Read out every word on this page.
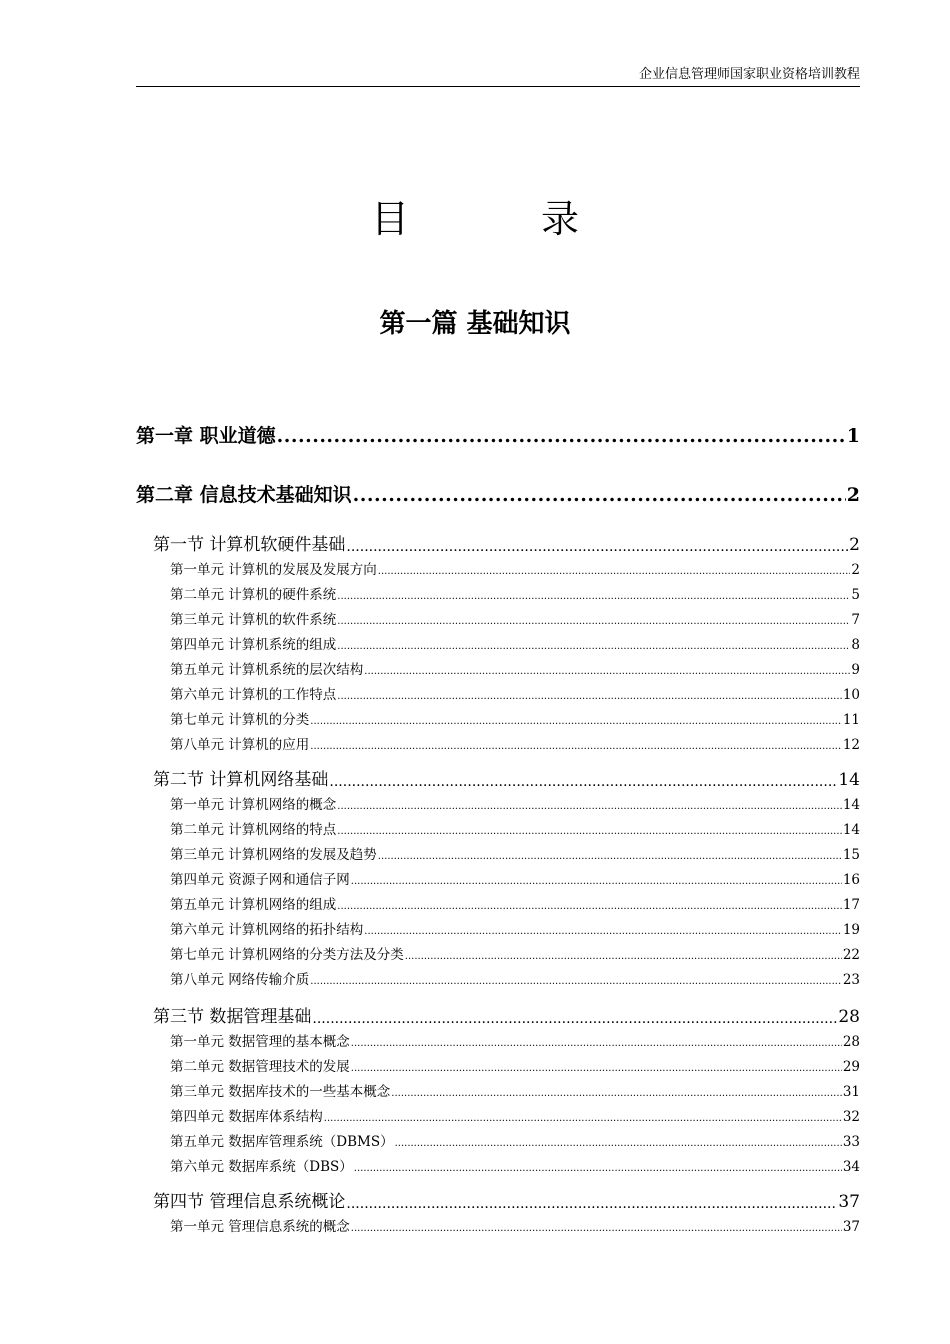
企业信息管理师国家职业资格培训教程
目 录
第一篇 基础知识
第一章 职业道德 .....	1
第二章 信息技术基础知识 .....	2
第一节 计算机软硬件基础 .....	2
第一单元 计算机的发展及发展方向 .....	2
第二单元 计算机的硬件系统 .....	5
第三单元 计算机的软件系统 .....	7
第四单元 计算机系统的组成 .....	8
第五单元 计算机系统的层次结构 .....	9
第六单元 计算机的工作特点 .....	10
第七单元 计算机的分类 .....	11
第八单元 计算机的应用 .....	12
第二节 计算机网络基础 .....	14
第一单元 计算机网络的概念 .....	14
第二单元 计算机网络的特点 .....	14
第三单元 计算机网络的发展及趋势 .....	15
第四单元 资源子网和通信子网 .....	16
第五单元 计算机网络的组成 .....	17
第六单元 计算机网络的拓扑结构 .....	19
第七单元 计算机网络的分类方法及分类 .....	22
第八单元 网络传输介质 .....	23
第三节 数据管理基础 .....	28
第一单元 数据管理的基本概念 .....	28
第二单元 数据管理技术的发展 .....	29
第三单元 数据库技术的一些基本概念 .....	31
第四单元 数据库体系结构 .....	32
第五单元 数据库管理系统（DBMS） .....	33
第六单元 数据库系统（DBS） .....	34
第四节 管理信息系统概论 .....	37
第一单元 管理信息系统的概念 .....	37
